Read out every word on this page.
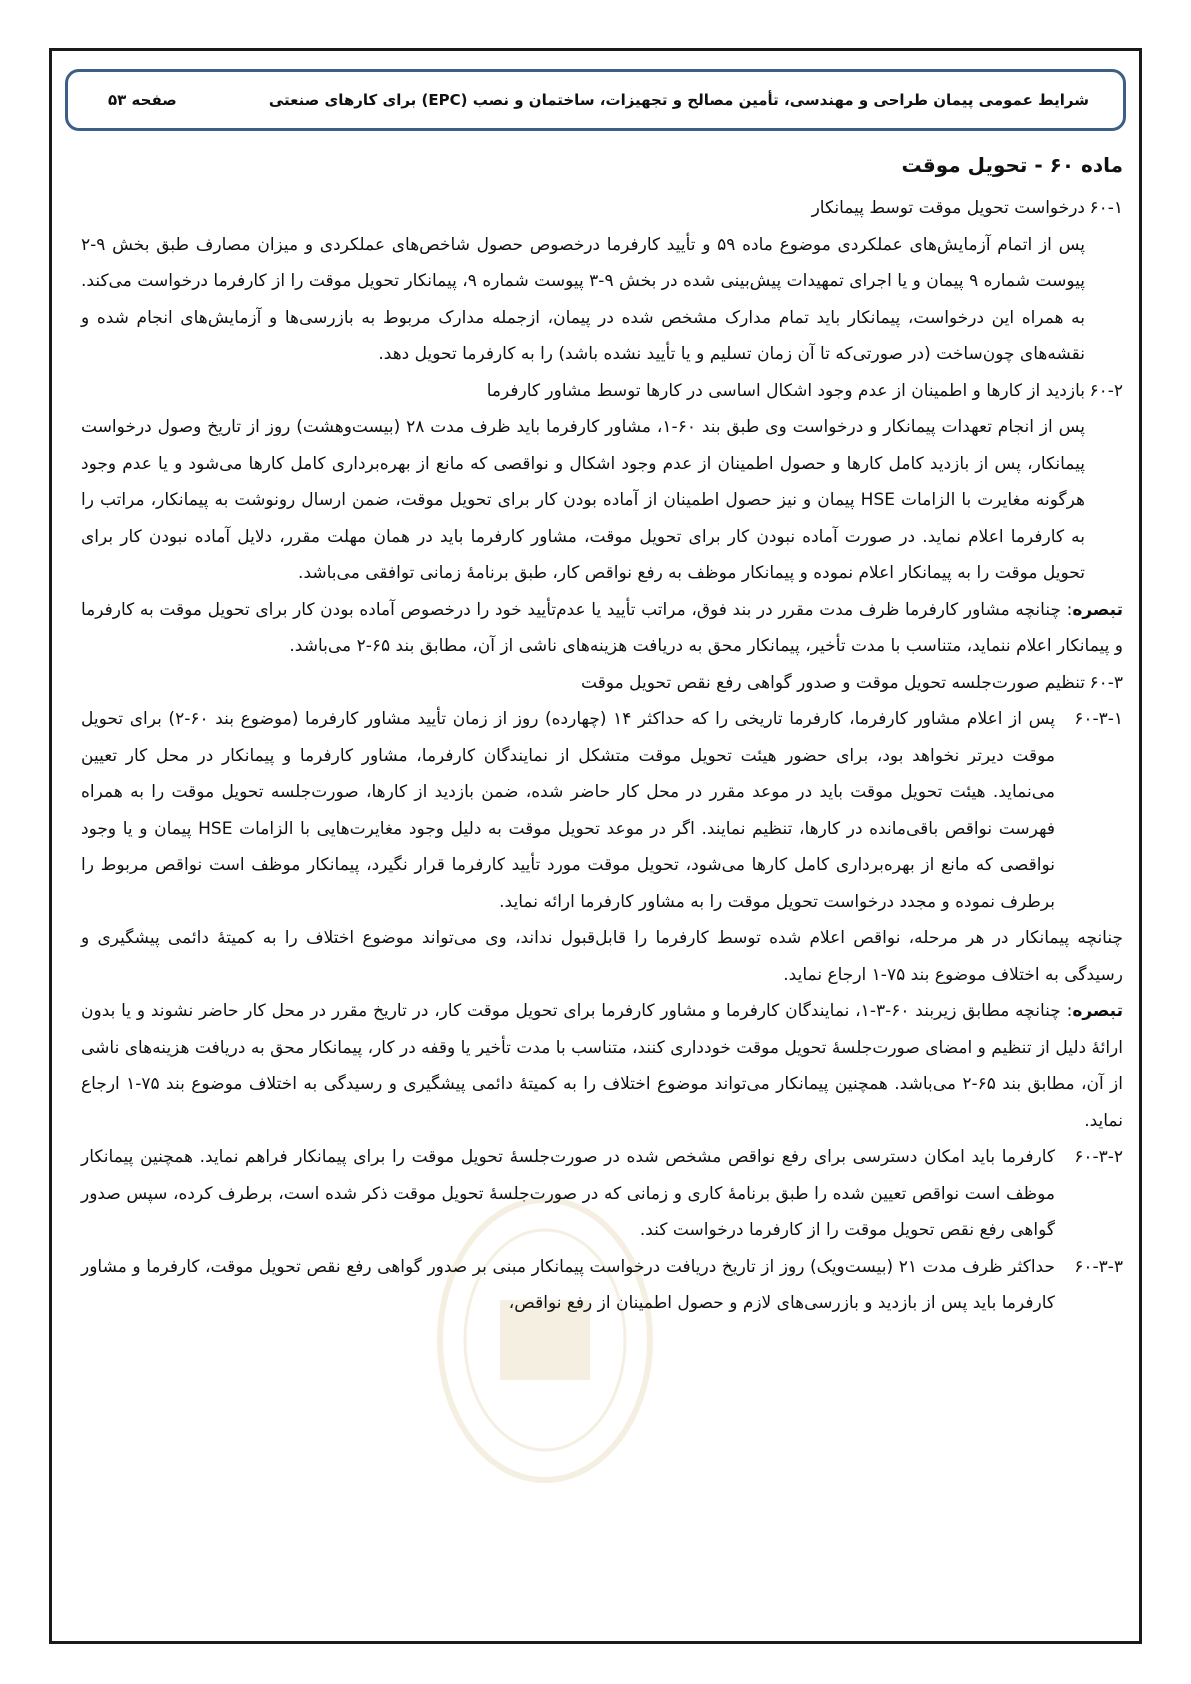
شرایط عمومی پیمان طراحی و مهندسی، تأمین مصالح و تجهیزات، ساختمان و نصب (EPC) برای کارهای صنعتی
صفحه ۵۳
ماده ۶۰ - تحویل موقت
۶۰-۱
درخواست تحویل موقت توسط پیمانکار

پس از اتمام آزمایش‌های عملکردی موضوع ماده ۵۹ و تأیید کارفرما درخصوص حصول شاخص‌های عملکردی و میزان مصارف طبق بخش ۹-۲ پیوست شماره ۹ پیمان و یا اجرای تمهیدات پیش‌بینی شده در بخش ۹-۳ پیوست شماره ۹، پیمانکار تحویل موقت را از کارفرما درخواست می‌کند. به همراه این درخواست، پیمانکار باید تمام مدارک مشخص شده در پیمان، ازجمله مدارک مربوط به بازرسی‌ها و آزمایش‌های انجام شده و نقشه‌های چون‌ساخت (در صورتی‌که تا آن زمان تسلیم و یا تأیید نشده باشد) را به کارفرما تحویل دهد.

۶۰-۲
بازدید از کارها و اطمینان از عدم وجود اشکال اساسی در کارها توسط مشاور کارفرما

پس از انجام تعهدات پیمانکار و درخواست وی طبق بند ۶۰-۱، مشاور کارفرما باید ظرف مدت ۲۸ (بیست‌وهشت) روز از تاریخ وصول درخواست پیمانکار، پس از بازدید کامل کارها و حصول اطمینان از عدم وجود اشکال و نواقصی که مانع از بهره‌برداری کامل کارها می‌شود و یا عدم وجود هرگونه مغایرت با الزامات HSE پیمان و نیز حصول اطمینان از آماده بودن کار برای تحویل موقت، ضمن ارسال رونوشت به پیمانکار، مراتب را به کارفرما اعلام نماید. در صورت آماده نبودن کار برای تحویل موقت، مشاور کارفرما باید در همان مهلت مقرر، دلایل آماده نبودن کار برای تحویل موقت را به پیمانکار اعلام نموده و پیمانکار موظف به رفع نواقص کار، طبق برنامهٔ زمانی توافقی می‌باشد.

تبصره: چنانچه مشاور کارفرما ظرف مدت مقرر در بند فوق، مراتب تأیید یا عدم‌تأیید خود را درخصوص آماده بودن کار برای تحویل موقت به کارفرما و پیمانکار اعلام ننماید، متناسب با مدت تأخیر، پیمانکار محق به دریافت هزینه‌های ناشی از آن، مطابق بند ۶۵-۲ می‌باشد.

۶۰-۳
تنظیم صورت‌جلسه تحویل موقت و صدور گواهی رفع نقص تحویل موقت
۶۰-۳-۱
پس از اعلام مشاور کارفرما، کارفرما تاریخی را که حداکثر ۱۴ (چهارده) روز از زمان تأیید مشاور کارفرما (موضوع بند ۶۰-۲) برای تحویل موقت دیرتر نخواهد بود، برای حضور هیئت تحویل موقت متشکل از نمایندگان کارفرما، مشاور کارفرما و پیمانکار در محل کار تعیین می‌نماید. هیئت تحویل موقت باید در موعد مقرر در محل کار حاضر شده، ضمن بازدید از کارها، صورت‌جلسه تحویل موقت را به همراه فهرست نواقص باقی‌مانده در کارها، تنظیم نمایند. اگر در موعد تحویل موقت به دلیل وجود مغایرت‌هایی با الزامات HSE پیمان و یا وجود نواقصی که مانع از بهره‌برداری کامل کارها می‌شود، تحویل موقت مورد تأیید کارفرما قرار نگیرد، پیمانکار موظف است نواقص مربوط را برطرف نموده و مجدد درخواست تحویل موقت را به مشاور کارفرما ارائه نماید.

چنانچه پیمانکار در هر مرحله، نواقص اعلام شده توسط کارفرما را قابل‌قبول نداند، وی می‌تواند موضوع اختلاف را به کمیتهٔ دائمی پیشگیری و رسیدگی به اختلاف موضوع بند ۷۵-۱ ارجاع نماید.

تبصره: چنانچه مطابق زیربند ۶۰-۳-۱، نمایندگان کارفرما و مشاور کارفرما برای تحویل موقت کار، در تاریخ مقرر در محل کار حاضر نشوند و یا بدون ارائهٔ دلیل از تنظیم و امضای صورت‌جلسهٔ تحویل موقت خودداری کنند، متناسب با مدت تأخیر یا وقفه در کار، پیمانکار محق به دریافت هزینه‌های ناشی از آن، مطابق بند ۶۵-۲ می‌باشد. همچنین پیمانکار می‌تواند موضوع اختلاف را به کمیتهٔ دائمی پیشگیری و رسیدگی به اختلاف موضوع بند ۷۵-۱ ارجاع نماید.

۶۰-۳-۲
کارفرما باید امکان دسترسی برای رفع نواقص مشخص شده در صورت‌جلسهٔ تحویل موقت را برای پیمانکار فراهم نماید. همچنین پیمانکار موظف است نواقص تعیین شده را طبق برنامهٔ کاری و زمانی که در صورت‌جلسهٔ تحویل موقت ذکر شده است، برطرف کرده، سپس صدور گواهی رفع نقص تحویل موقت را از کارفرما درخواست کند.
۶۰-۳-۳
حداکثر ظرف مدت ۲۱ (بیست‌ویک) روز از تاریخ دریافت درخواست پیمانکار مبنی بر صدور گواهی رفع نقص تحویل موقت، کارفرما و مشاور کارفرما باید پس از بازدید و بازرسی‌های لازم و حصول اطمینان از رفع نواقص،
